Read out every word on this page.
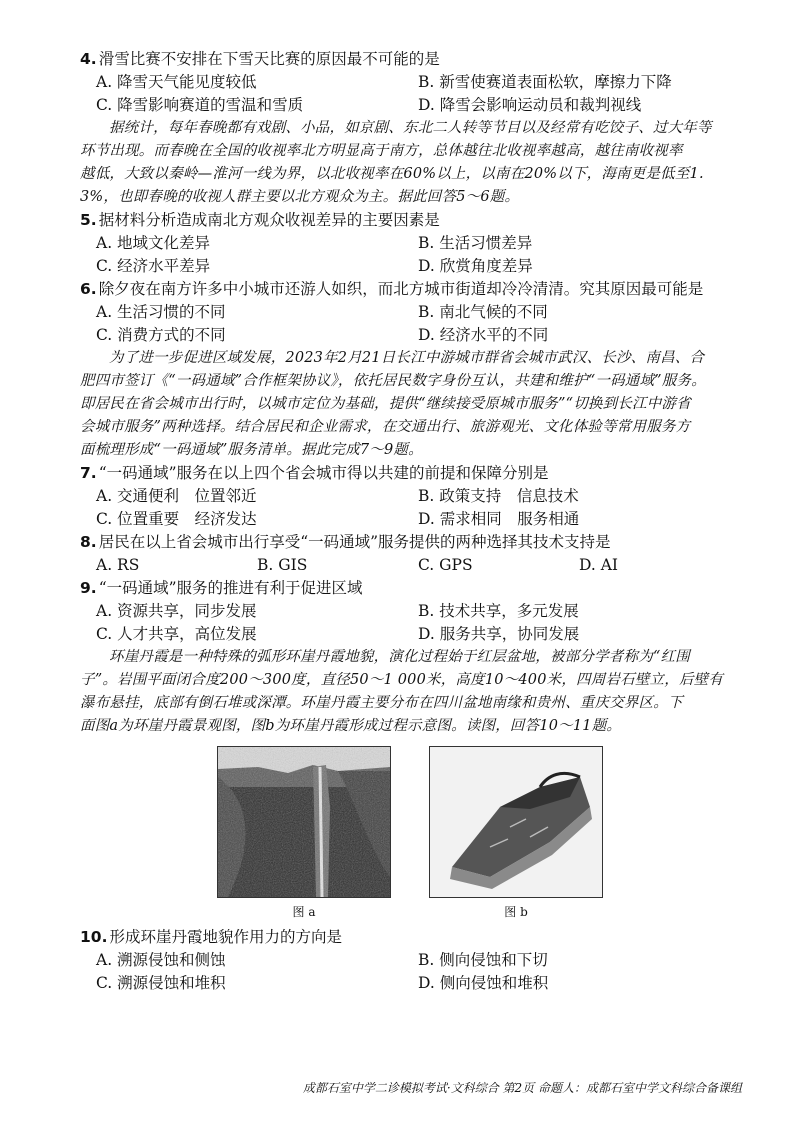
4. 滑雪比赛不安排在下雪天比赛的原因最不可能的是

A. 降雪天气能见度较低	B. 新雪使赛道表面松软，摩擦力下降
C. 降雪影响赛道的雪温和雪质	D. 降雪会影响运动员和裁判视线

据统计，每年春晚都有戏剧、小品，如京剧、东北二人转等节目以及经常有吃饺子、过大年等

环节出现。而春晚在全国的收视率北方明显高于南方，总体越往北收视率越高，越往南收视率

越低，大致以秦岭—淮河一线为界，以北收视率在60%以上，以南在20%以下，海南更是低至1.

3%，也即春晚的收视人群主要以北方观众为主。据此回答5～6题。

5. 据材料分析造成南北方观众收视差异的主要因素是

A. 地域文化差异	B. 生活习惯差异
C. 经济水平差异	D. 欣赏角度差异

6. 除夕夜在南方许多中小城市还游人如织，而北方城市街道却冷冷清清。究其原因最可能是

A. 生活习惯的不同	B. 南北气候的不同
C. 消费方式的不同	D. 经济水平的不同

为了进一步促进区域发展，2023年2月21日长江中游城市群省会城市武汉、长沙、南昌、合

肥四市签订《“一码通域”合作框架协议》，依托居民数字身份互认，共建和维护“一码通域”服务。

即居民在省会城市出行时，以城市定位为基础，提供“继续接受原城市服务”“切换到长江中游省

会城市服务”两种选择。结合居民和企业需求，在交通出行、旅游观光、文化体验等常用服务方

面梳理形成“一码通域”服务清单。据此完成7～9题。

7. “一码通域”服务在以上四个省会城市得以共建的前提和保障分别是

A. 交通便利　位置邻近	B. 政策支持　信息技术
C. 位置重要　经济发达	D. 需求相同　服务相通

8. 居民在以上省会城市出行享受“一码通域”服务提供的两种选择其技术支持是

A. RS	B. GIS	C. GPS	D. AI

9. “一码通域”服务的推进有利于促进区域

A. 资源共享，同步发展	B. 技术共享，多元发展
C. 人才共享，高位发展	D. 服务共享，协同发展

环崖丹霞是一种特殊的弧形环崖丹霞地貌，演化过程始于红层盆地，被部分学者称为“红围

子”。岩围平面闭合度200～300度，直径50～1 000米，高度10～400米，四周岩石壁立，后壁有

瀑布悬挂，底部有倒石堆或深潭。环崖丹霞主要分布在四川盆地南缘和贵州、重庆交界区。下

面图a为环崖丹霞景观图，图b为环崖丹霞形成过程示意图。读图，回答10～11题。

图 a	图 b

10. 形成环崖丹霞地貌作用力的方向是

A. 溯源侵蚀和侧蚀	B. 侧向侵蚀和下切
C. 溯源侵蚀和堆积	D. 侧向侵蚀和堆积
成都石室中学二诊模拟考试·文科综合 第2页 命题人：成都石室中学文科综合备课组
